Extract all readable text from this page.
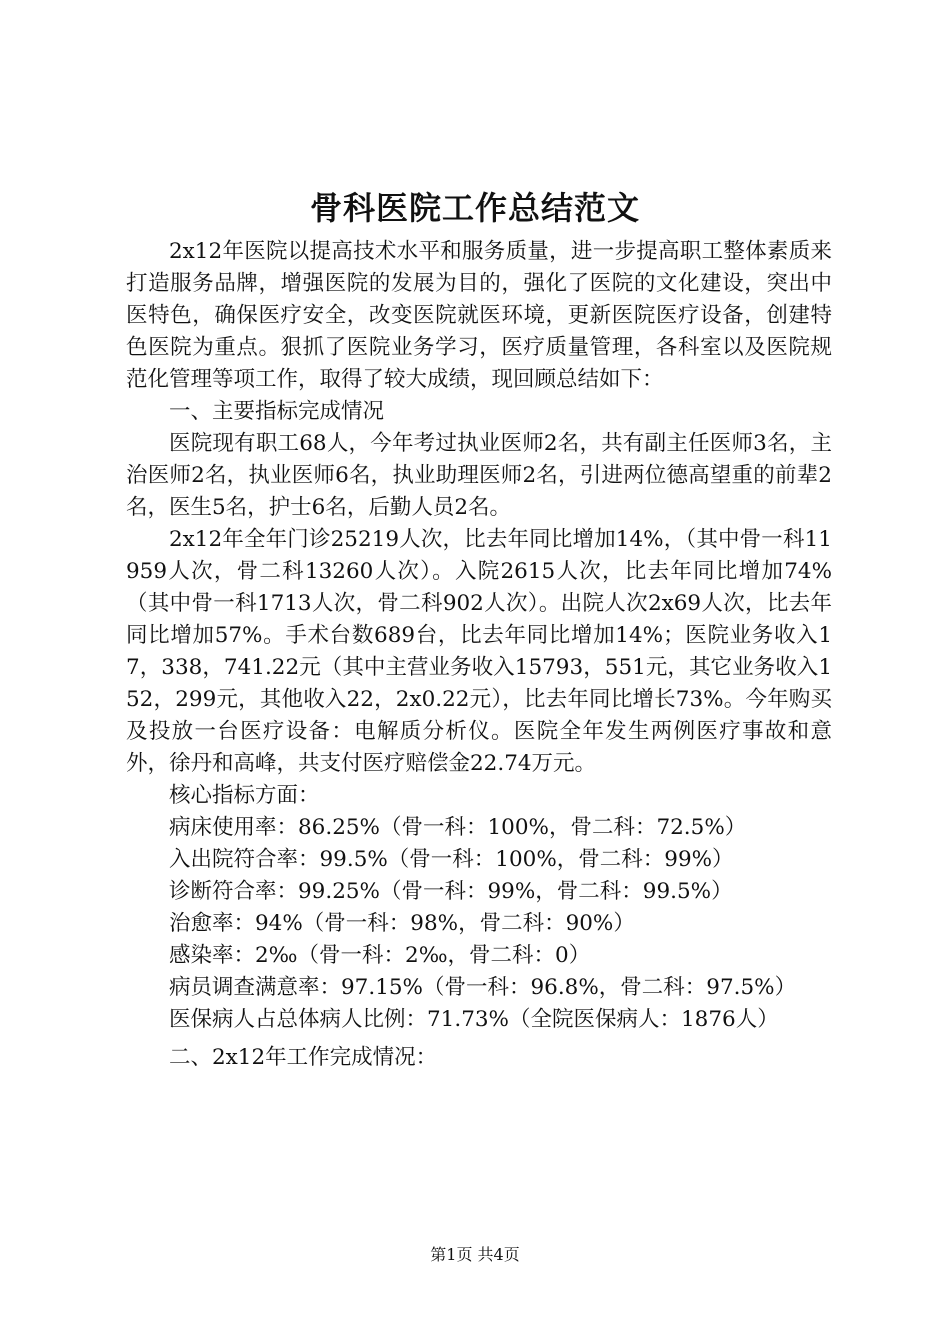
骨科医院工作总结范文

2x12年医院以提高技术水平和服务质量，进一步提高职工整体素质来打造服务品牌，增强医院的发展为目的，强化了医院的文化建设，突出中医特色，确保医疗安全，改变医院就医环境，更新医院医疗设备，创建特色医院为重点。狠抓了医院业务学习，医疗质量管理，各科室以及医院规范化管理等项工作，取得了较大成绩，现回顾总结如下：

一、主要指标完成情况

医院现有职工68人，今年考过执业医师2名，共有副主任医师3名，主治医师2名，执业医师6名，执业助理医师2名，引进两位德高望重的前辈2名，医生5名，护士6名，后勤人员2名。

2x12年全年门诊25219人次，比去年同比增加14%，（其中骨一科11959人次，骨二科13260人次）。入院2615人次，比去年同比增加74%（其中骨一科1713人次，骨二科902人次）。出院人次2x69人次，比去年同比增加57%。手术台数689台，比去年同比增加14%；医院业务收入17，338，741.22元（其中主营业务收入15793，551元，其它业务收入152，299元，其他收入22，2x0.22元），比去年同比增长73%。今年购买及投放一台医疗设备：电解质分析仪。医院全年发生两例医疗事故和意外，徐丹和高峰，共支付医疗赔偿金22.74万元。

核心指标方面：

病床使用率：86.25%（骨一科：100%，骨二科：72.5%）

入出院符合率：99.5%（骨一科：100%，骨二科：99%）

诊断符合率：99.25%（骨一科：99%，骨二科：99.5%）

治愈率：94%（骨一科：98%，骨二科：90%）

感染率：2‰（骨一科：2‰，骨二科：0）

病员调查满意率：97.15%（骨一科：96.8%，骨二科：97.5%）

医保病人占总体病人比例：71.73%（全院医保病人：1876人）

二、2x12年工作完成情况：

第1页 共4页
